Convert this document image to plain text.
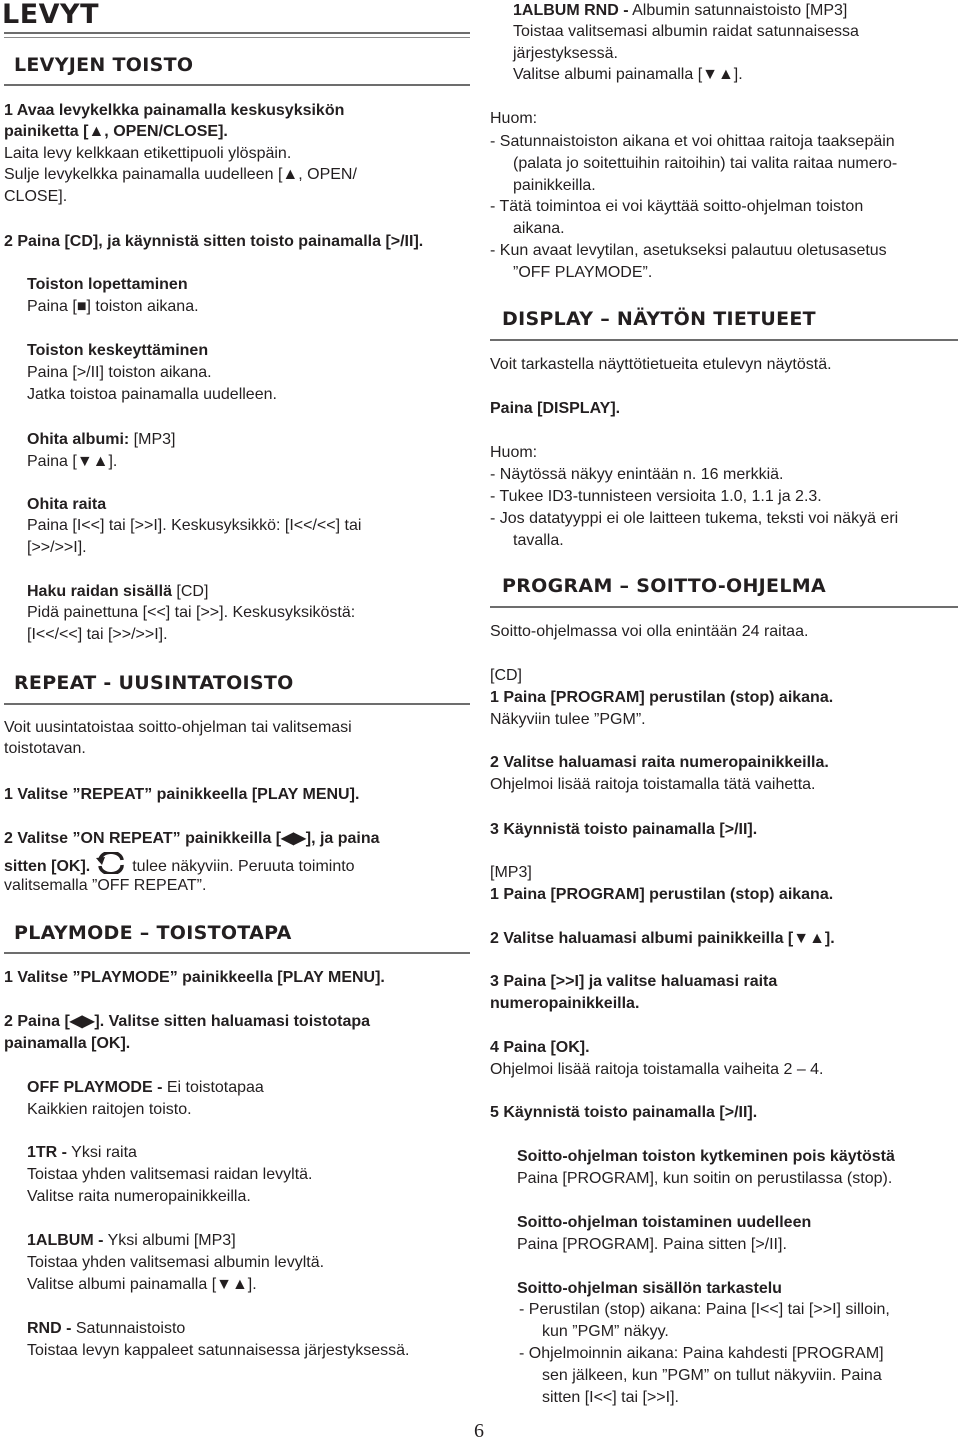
LEVYT
LEVYJEN TOISTO
1 Avaa levykelkka painamalla keskusyksikön
painiketta [▲, OPEN/CLOSE].
Laita levy kelkkaan etikettipuoli ylöspäin.
Sulje levykelkka painamalla uudelleen [▲, OPEN/
CLOSE].
2 Paina [CD], ja käynnistä sitten toisto painamalla [>/II].
Toiston lopettaminen
Paina [■] toiston aikana.
Toiston keskeyttäminen
Paina [>/II] toiston aikana.
Jatka toistoa painamalla uudelleen.
Ohita albumi: [MP3]
Paina [▼▲].
Ohita raita
Paina [I<<] tai [>>I]. Keskusyksikkö: [I<</<<] tai
[>>/>>I].
Haku raidan sisällä [CD]
Pidä painettuna [<<] tai [>>]. Keskusyksiköstä:
[I<</<<] tai [>>/>>I].
REPEAT - UUSINTATOISTO
Voit uusintatoistaa soitto-ohjelman tai valitsemasi
toistotavan.
1 Valitse ”REPEAT” painikkeella [PLAY MENU].
2 Valitse ”ON REPEAT” painikkeilla [◀▶], ja paina
sitten [OK].	tulee näkyviin. Peruuta toiminto
valitsemalla ”OFF REPEAT”.
PLAYMODE – TOISTOTAPA
1 Valitse ”PLAYMODE” painikkeella [PLAY MENU].
2 Paina [◀▶]. Valitse sitten haluamasi toistotapa
painamalla [OK].
OFF PLAYMODE - Ei toistotapaa
Kaikkien raitojen toisto.
1TR - Yksi raita
Toistaa yhden valitsemasi raidan levyltä.
Valitse raita numeropainikkeilla.
1ALBUM - Yksi albumi [MP3]
Toistaa yhden valitsemasi albumin levyltä.
Valitse albumi painamalla [▼▲].
RND - Satunnaistoisto
Toistaa levyn kappaleet satunnaisessa järjestyksessä.
1ALBUM RND - Albumin satunnaistoisto [MP3]
Toistaa valitsemasi albumin raidat satunnaisessa
järjestyksessä.
Valitse albumi painamalla [▼▲].
Huom:
- Satunnaistoiston aikana et voi ohittaa raitoja taaksepäin
(palata jo soitettuihin raitoihin) tai valita raitaa numero-
painikkeilla.
- Tätä toimintoa ei voi käyttää soitto-ohjelman toiston
aikana.
- Kun avaat levytilan, asetukseksi palautuu oletusasetus
”OFF PLAYMODE”.
DISPLAY – NÄYTÖN TIETUEET
Voit tarkastella näyttötietueita etulevyn näytöstä.
Paina [DISPLAY].
Huom:
- Näytössä näkyy enintään n. 16 merkkiä.
- Tukee ID3-tunnisteen versioita 1.0, 1.1 ja 2.3.
- Jos datatyyppi ei ole laitteen tukema, teksti voi näkyä eri
tavalla.
PROGRAM – SOITTO-OHJELMA
Soitto-ohjelmassa voi olla enintään 24 raitaa.
[CD]
1 Paina [PROGRAM] perustilan (stop) aikana.
Näkyviin tulee ”PGM”.
2 Valitse haluamasi raita numeropainikkeilla.
Ohjelmoi lisää raitoja toistamalla tätä vaihetta.
3 Käynnistä toisto painamalla [>/II].
[MP3]
1 Paina [PROGRAM] perustilan (stop) aikana.
2 Valitse haluamasi albumi painikkeilla [▼▲].
3 Paina [>>I] ja valitse haluamasi raita
numeropainikkeilla.
4 Paina [OK].
Ohjelmoi lisää raitoja toistamalla vaiheita 2 – 4.
5 Käynnistä toisto painamalla [>/II].
Soitto-ohjelman toiston kytkeminen pois käytöstä
Paina [PROGRAM], kun soitin on perustilassa (stop).
Soitto-ohjelman toistaminen uudelleen
Paina [PROGRAM]. Paina sitten [>/II].
Soitto-ohjelman sisällön tarkastelu
- Perustilan (stop) aikana: Paina [I<<] tai [>>I] silloin,
kun ”PGM” näkyy.
- Ohjelmoinnin aikana: Paina kahdesti [PROGRAM]
sen jälkeen, kun ”PGM” on tullut näkyviin. Paina
sitten [I<<] tai [>>I].
6
